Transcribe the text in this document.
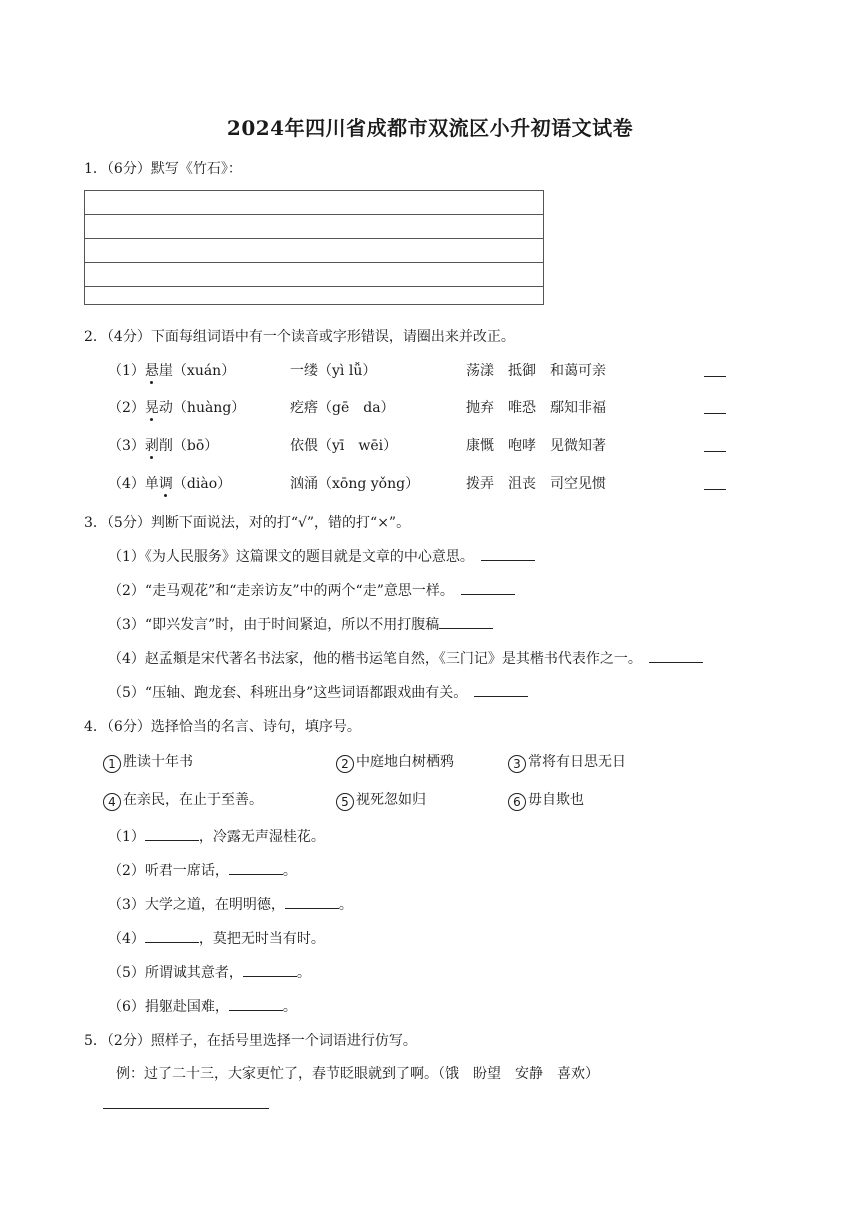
2024年四川省成都市双流区小升初语文试卷
1．（6分）默写《竹石》：
2．（4分）下面每组词语中有一个读音或字形错误，请圈出来并改正。
（1）悬崖（xuán）	一缕（yì lǚ）	荡漾　抵御　和蔼可亲
（2）晃动（huàng）	疙瘩（gē　da）	抛弃　唯恐　鄢知非福
（3）剥削（bō）	依偎（yī　wēi）	康慨　咆哮　见微知著
（4）单调（diào）	汹涌（xōng yǒng）	拨弄　沮丧　司空见惯
3．（5分）判断下面说法，对的打“√”，错的打“×”。
（1）《为人民服务》这篇课文的题目就是文章的中心意思。　
（2）“走马观花”和“走亲访友”中的两个“走”意思一样。　
（3）“即兴发言”时，由于时间紧迫，所以不用打腹稿
（4）赵孟頫是宋代著名书法家，他的楷书运笔自然，《三门记》是其楷书代表作之一。　
（5）“压轴、跑龙套、科班出身”这些词语都跟戏曲有关。　
4．（6分）选择恰当的名言、诗句，填序号。
1 胜读十年书	2 中庭地白树栖鸦	3 常将有日思无日
4 在亲民，在止于至善。	5 视死忽如归	6 毋自欺也
（1）	，冷露无声湿桂花。
（2）听君一席话，	。
（3）大学之道，在明明德，	。
（4）	，莫把无时当有时。
（5）所谓诚其意者，	。
（6）捐躯赴国难，	。
5．（2分）照样子，在括号里选择一个词语进行仿写。
例：过了二十三，大家更忙了，春节眨眼就到了啊。（饿　盼望　安静　喜欢）
